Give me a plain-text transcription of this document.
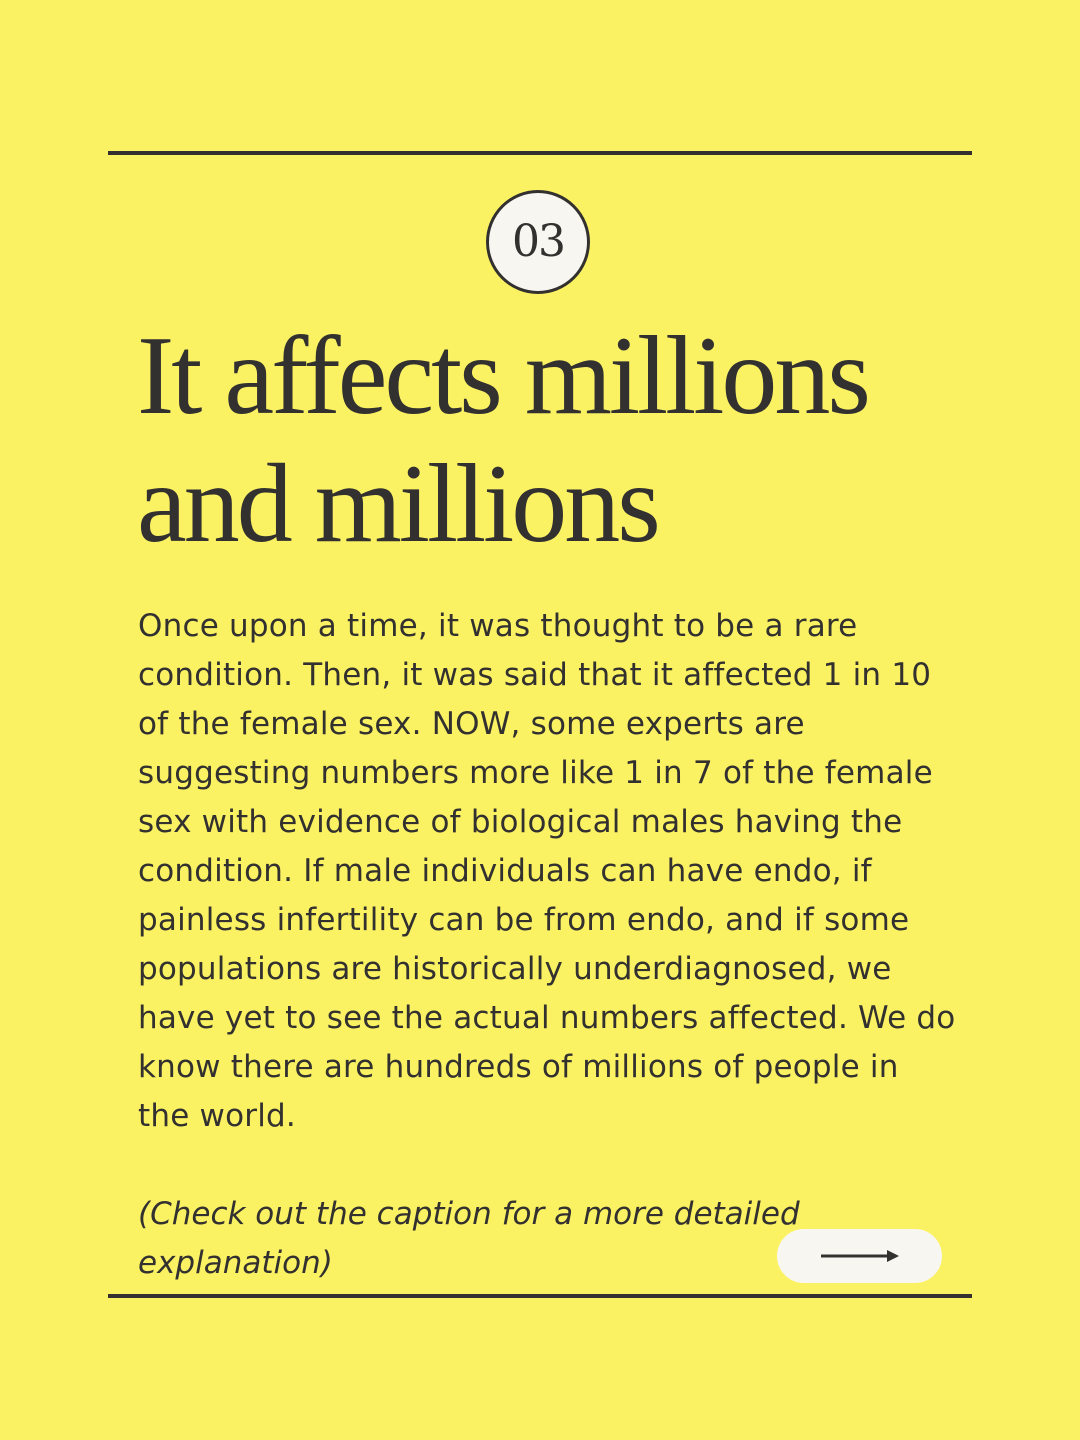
03
It affects millions and millions

Once upon a time, it was thought to be a rare condition. Then, it was said that it affected 1 in 10 of the female sex. NOW, some experts are suggesting numbers more like 1 in 7 of the female sex with evidence of biological males having the condition. If male individuals can have endo, if painless infertility can be from endo, and if some populations are historically underdiagnosed, we have yet to see the actual numbers affected. We do know there are hundreds of millions of people in the world.

(Check out the caption for a more detailed explanation)
